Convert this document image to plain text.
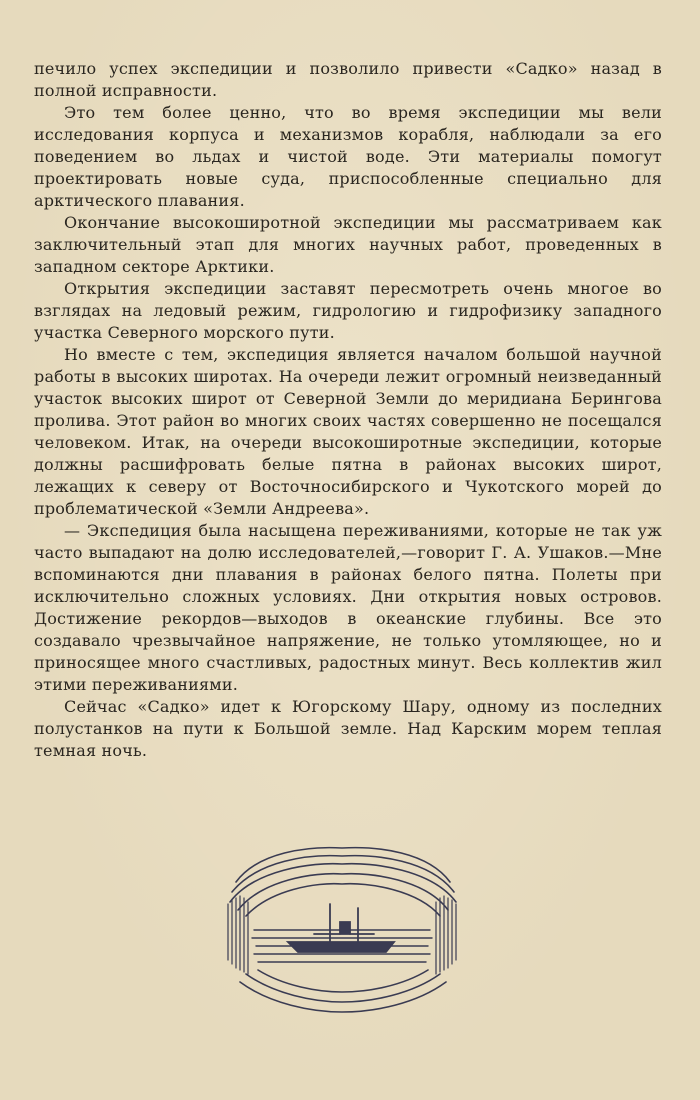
печило успех экспедиции и позволило привести «Садко» назад в полной исправности.

Это тем более ценно, что во время экспедиции мы вели исследования корпуса и механизмов корабля, наблюдали за его поведением во льдах и чистой воде. Эти материалы помогут проектировать новые суда, приспособленные специально для арктического плавания.

Окончание высокоширотной экспедиции мы рассматриваем как заключительный этап для многих научных работ, проведенных в западном секторе Арктики.

Открытия экспедиции заставят пересмотреть очень многое во взглядах на ледовый режим, гидрологию и гидрофизику западного участка Северного морского пути.

Но вместе с тем, экспедиция является началом большой научной работы в высоких широтах. На очереди лежит огромный неизведанный участок высоких широт от Северной Земли до меридиана Берингова пролива. Этот район во многих своих частях совершенно не посещался человеком. Итак, на очереди высокоширотные экспедиции, которые должны расшифровать белые пятна в районах высоких широт, лежащих к северу от Восточносибирского и Чукотского морей до проблематической «Земли Андреева».

— Экспедиция была насыщена переживаниями, которые не так уж часто выпадают на долю исследователей,—говорит Г. А. Ушаков.—Мне вспоминаются дни плавания в районах белого пятна. Полеты при исключительно сложных условиях. Дни открытия новых островов. Достижение рекордов—выходов в океанские глубины. Все это создавало чрезвычайное напряжение, не только утомляющее, но и приносящее много счастливых, радостных минут. Весь коллектив жил этими переживаниями.

Сейчас «Садко» идет к Югорскому Шару, одному из последних полустанков на пути к Большой земле. Над Карским морем теплая темная ночь.
